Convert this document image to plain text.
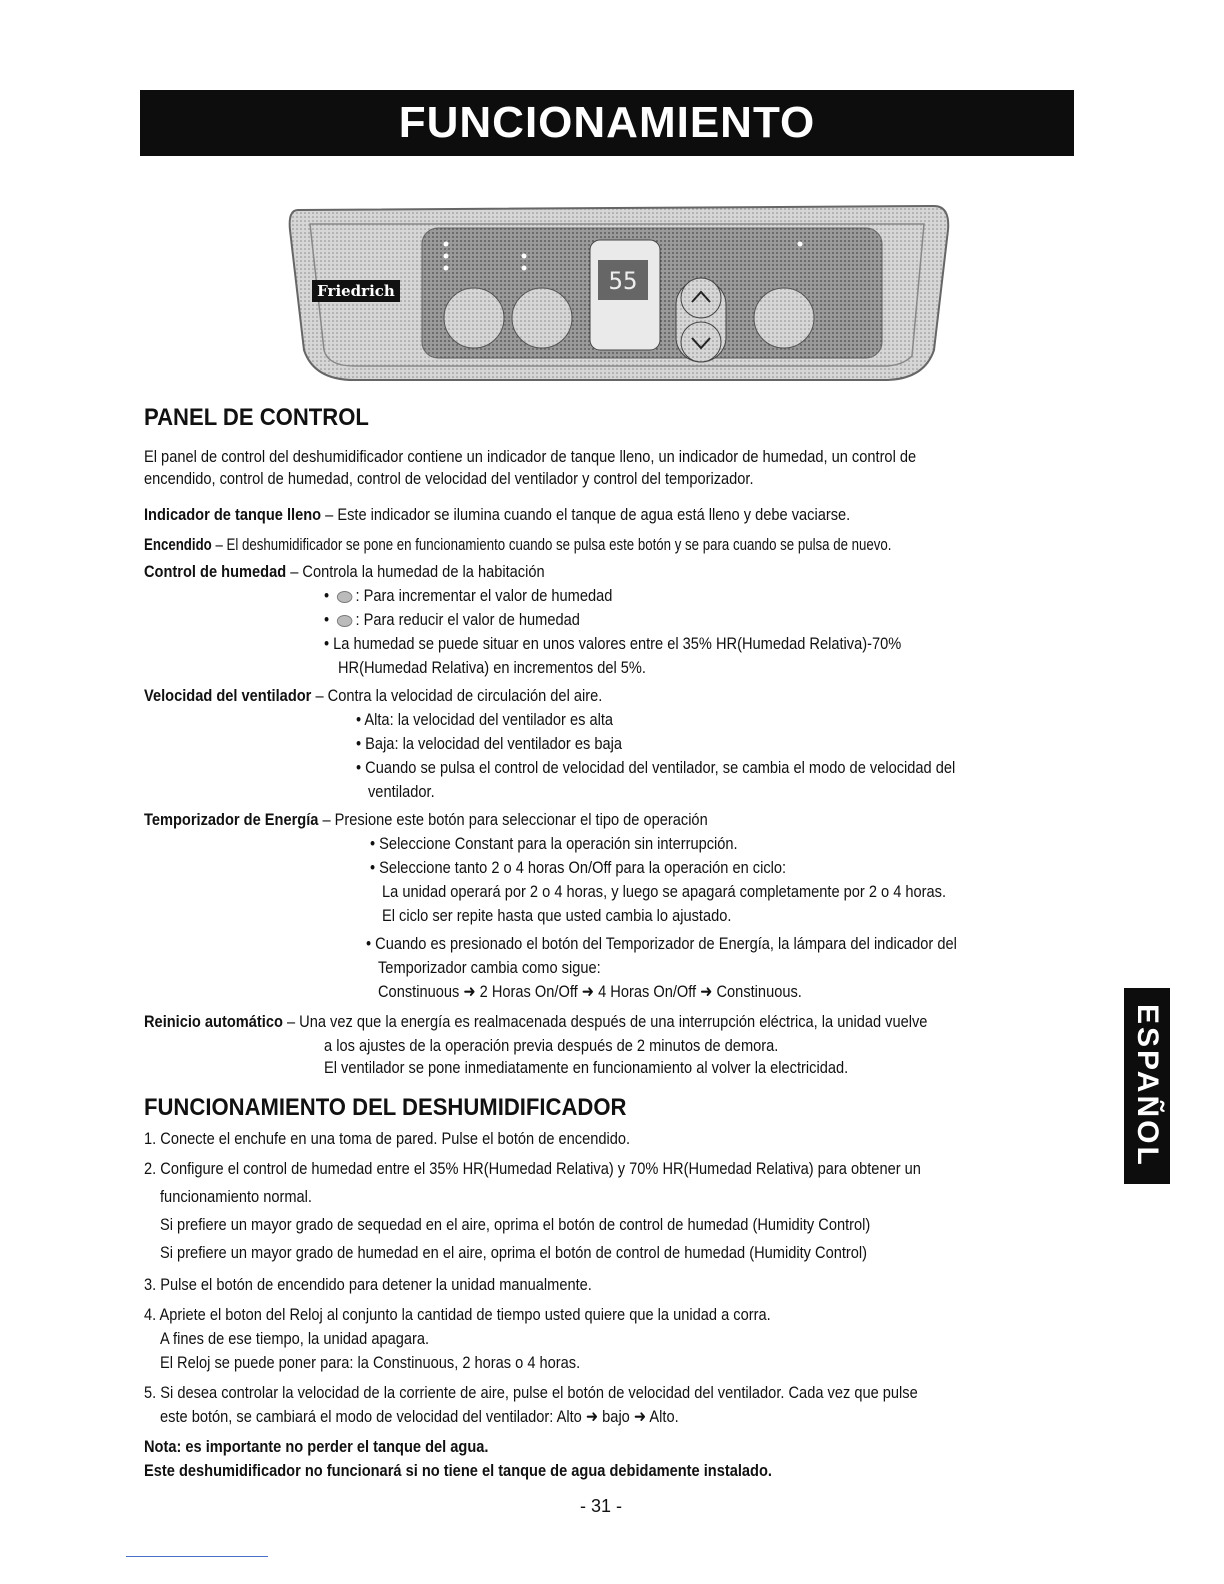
FUNCIONAMIENTO
Friedrich	55
PANEL DE CONTROL

El panel de control del deshumidificador contiene un indicador de tanque lleno, un indicador de humedad, un control de

encendido, control de humedad, control de velocidad del ventilador y control del temporizador.

Indicador de tanque lleno – Este indicador se ilumina cuando el tanque de agua está lleno y debe vaciarse.

Encendido – El deshumidificador se pone en funcionamiento cuando se pulsa este botón y se para cuando se pulsa de nuevo.

Control de humedad – Controla la humedad de la habitación

• : Para incrementar el valor de humedad

• : Para reducir el valor de humedad

• La humedad se puede situar en unos valores entre el 35% HR(Humedad Relativa)-70%

HR(Humedad Relativa) en incrementos del 5%.

Velocidad del ventilador – Contra la velocidad de circulación del aire.

• Alta: la velocidad del ventilador es alta

• Baja: la velocidad del ventilador es baja

• Cuando se pulsa el control de velocidad del ventilador, se cambia el modo de velocidad del

ventilador.

Temporizador de Energía – Presione este botón para seleccionar el tipo de operación

• Seleccione Constant para la operación sin interrupción.

• Seleccione tanto 2 o 4 horas On/Off para la operación en ciclo:

La unidad operará por 2 o 4 horas, y luego se apagará completamente por 2 o 4 horas.

El ciclo ser repite hasta que usted cambia lo ajustado.

• Cuando es presionado el botón del Temporizador de Energía, la lámpara del indicador del

Temporizador cambia como sigue:

Constinuous ➜ 2 Horas On/Off ➜ 4 Horas On/Off ➜ Constinuous.

Reinicio automático – Una vez que la energía es realmacenada después de una interrupción eléctrica, la unidad vuelve

a los ajustes de la operación previa después de 2 minutos de demora.

El ventilador se pone inmediatamente en funcionamiento al volver la electricidad.

FUNCIONAMIENTO DEL DESHUMIDIFICADOR

1. Conecte el enchufe en una toma de pared. Pulse el botón de encendido.

2. Configure el control de humedad entre el 35% HR(Humedad Relativa) y 70% HR(Humedad Relativa) para obtener un

funcionamiento normal.

Si prefiere un mayor grado de sequedad en el aire, oprima el botón de control de humedad (Humidity Control)

Si prefiere un mayor grado de humedad en el aire, oprima el botón de control de humedad (Humidity Control)

3. Pulse el botón de encendido para detener la unidad manualmente.

4. Apriete el boton del Reloj al conjunto la cantidad de tiempo usted quiere que la unidad a corra.

A fines de ese tiempo, la unidad apagara.

El Reloj se puede poner para: la Constinuous, 2 horas o 4 horas.

5. Si desea controlar la velocidad de la corriente de aire, pulse el botón de velocidad del ventilador. Cada vez que pulse

este botón, se cambiará el modo de velocidad del ventilador: Alto ➜ bajo ➜ Alto.

Nota: es importante no perder el tanque del agua.

Este deshumidificador no funcionará si no tiene el tanque de agua debidamente instalado.

ESPAÑOL
- 31 -
